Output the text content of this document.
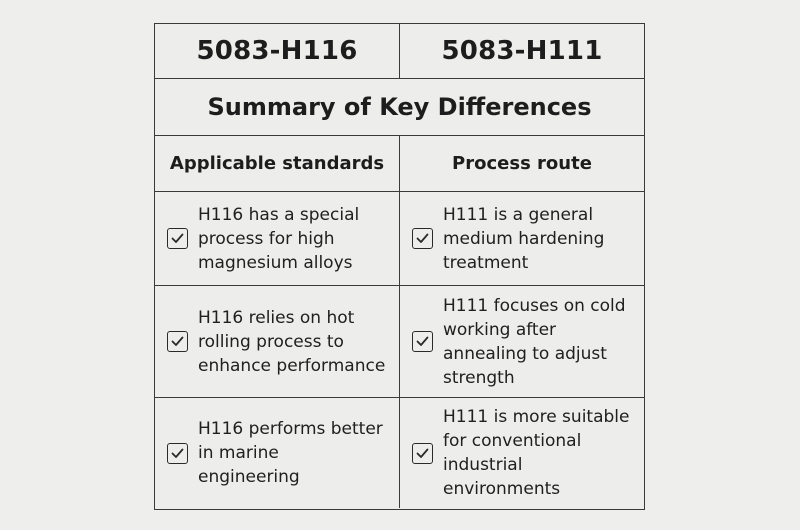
5083-H116	5083-H111
Summary of Key Differences
Applicable standards	Process route
H116 has a special
process for high
magnesium alloys
H111 is a general
medium hardening
treatment
H116 relies on hot
rolling process to
enhance performance
H111 focuses on cold
working after
annealing to adjust
strength
H116 performs better
in marine
engineering
H111 is more suitable
for conventional
industrial environments
